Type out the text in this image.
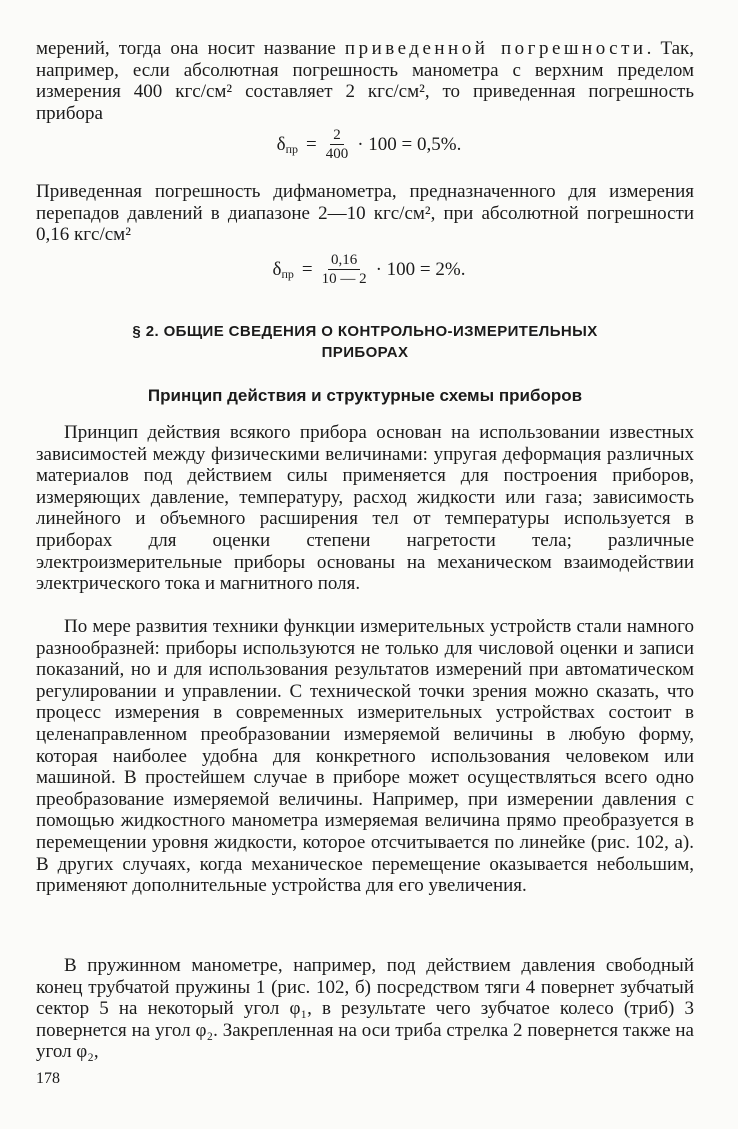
мерений, тогда она носит название приведенной погрешности. Так, например, если абсолютная погрешность манометра с верхним пределом измерения 400 кгс/см² составляет 2 кгс/см², то приведенная погрешность прибора

δ пр = $\frac{2}{400} \cdot 100 = 0,5\%$.

Приведенная погрешность дифманометра, предназначенного для измерения перепадов давлений в диапазоне 2—10 кгс/см², при абсолютной погрешности 0,16 кгс/см²

δ пр = $\frac{0,16}{10 — 2} \cdot 100 = 2\%$.
§ 2. ОБЩИЕ СВЕДЕНИЯ О КОНТРОЛЬНО-ИЗМЕРИТЕЛЬНЫХ ПРИБОРАХ
Принцип действия и структурные схемы приборов

Принцип действия всякого прибора основан на использовании известных зависимостей между физическими величинами: упругая деформация различных материалов под действием силы применяется для построения приборов, измеряющих давление, температуру, расход жидкости или газа; зависимость линейного и объемного расширения тел от температуры используется в приборах для оценки степени нагретости тела; различные электроизмерительные приборы основаны на механическом взаимодействии электрического тока и магнитного поля.

По мере развития техники функции измерительных устройств стали намного разнообразней: приборы используются не только для числовой оценки и записи показаний, но и для использования результатов измерений при автоматическом регулировании и управлении. С технической точки зрения можно сказать, что процесс измерения в современных измерительных устройствах состоит в целенаправленном преобразовании измеряемой величины в любую форму, которая наиболее удобна для конкретного использования человеком или машиной. В простейшем случае в приборе может осуществляться всего одно преобразование измеряемой величины. Например, при измерении давления с помощью жидкостного манометра измеряемая величина прямо преобразуется в перемещении уровня жидкости, которое отсчитывается по линейке (рис. 102, а). В других случаях, когда механическое перемещение оказывается небольшим, применяют дополнительные устройства для его увеличения.

В пружинном манометре, например, под действием давления свободный конец трубчатой пружины 1 (рис. 102, б) посредством тяги 4 повернет зубчатый сектор 5 на некоторый угол φ₁, в результате чего зубчатое колесо (триб) 3 повернется на угол φ₂. Закрепленная на оси триба стрелка 2 повернется также на угол φ₂,

178
